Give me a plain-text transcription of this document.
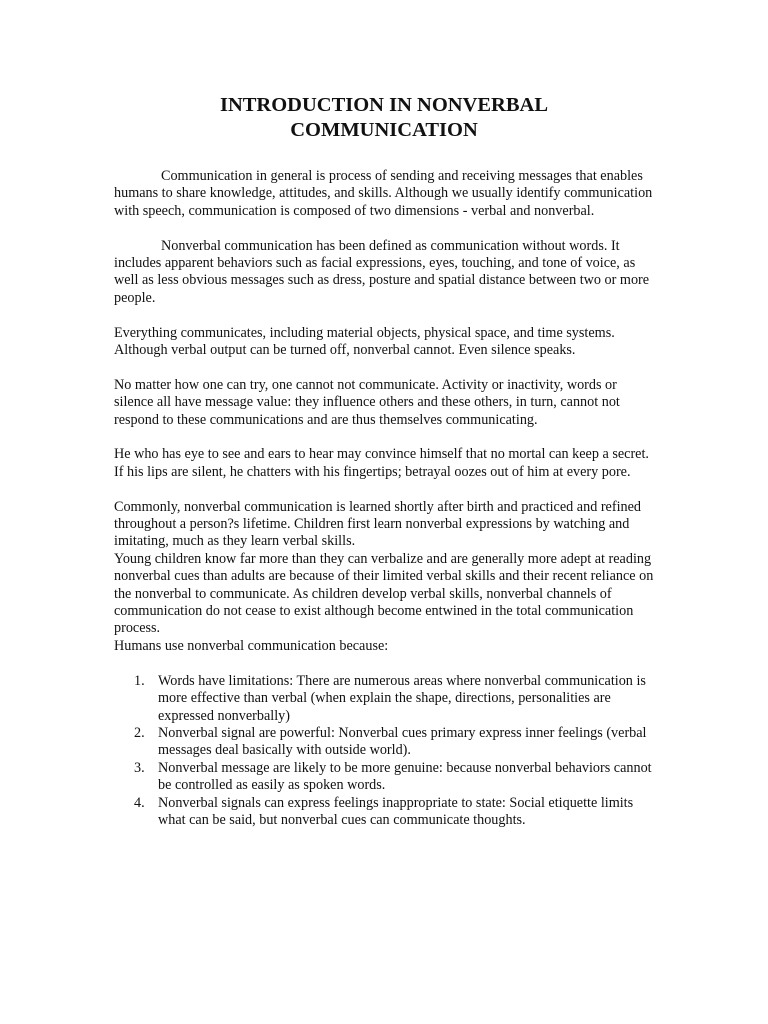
INTRODUCTION IN NONVERBAL
COMMUNICATION

Communication in general is process of sending and receiving messages that enables humans to share knowledge, attitudes, and skills. Although we usually identify communication with speech, communication is composed of two dimensions - verbal and nonverbal.

Nonverbal communication has been defined as communication without words. It includes apparent behaviors such as facial expressions, eyes, touching, and tone of voice, as well as less obvious messages such as dress, posture and spatial distance between two or more people.

Everything communicates, including material objects, physical space, and time systems. Although verbal output can be turned off, nonverbal cannot. Even silence speaks.

No matter how one can try, one cannot not communicate. Activity or inactivity, words or silence all have message value: they influence others and these others, in turn, cannot not respond to these communications and are thus themselves communicating.

He who has eye to see and ears to hear may convince himself that no mortal can keep a secret. If his lips are silent, he chatters with his fingertips; betrayal oozes out of him at every pore.

Commonly, nonverbal communication is learned shortly after birth and practiced and refined throughout a person?s lifetime. Children first learn nonverbal expressions by watching and imitating, much as they learn verbal skills.

Young children know far more than they can verbalize and are generally more adept at reading nonverbal cues than adults are because of their limited verbal skills and their recent reliance on the nonverbal to communicate. As children develop verbal skills, nonverbal channels of communication do not cease to exist although become entwined in the total communication process.

Humans use nonverbal communication because:

1. Words have limitations: There are numerous areas where nonverbal communication is more effective than verbal (when explain the shape, directions, personalities are expressed nonverbally)
2. Nonverbal signal are powerful: Nonverbal cues primary express inner feelings (verbal messages deal basically with outside world).
3. Nonverbal message are likely to be more genuine: because nonverbal behaviors cannot be controlled as easily as spoken words.
4. Nonverbal signals can express feelings inappropriate to state: Social etiquette limits what can be said, but nonverbal cues can communicate thoughts.
